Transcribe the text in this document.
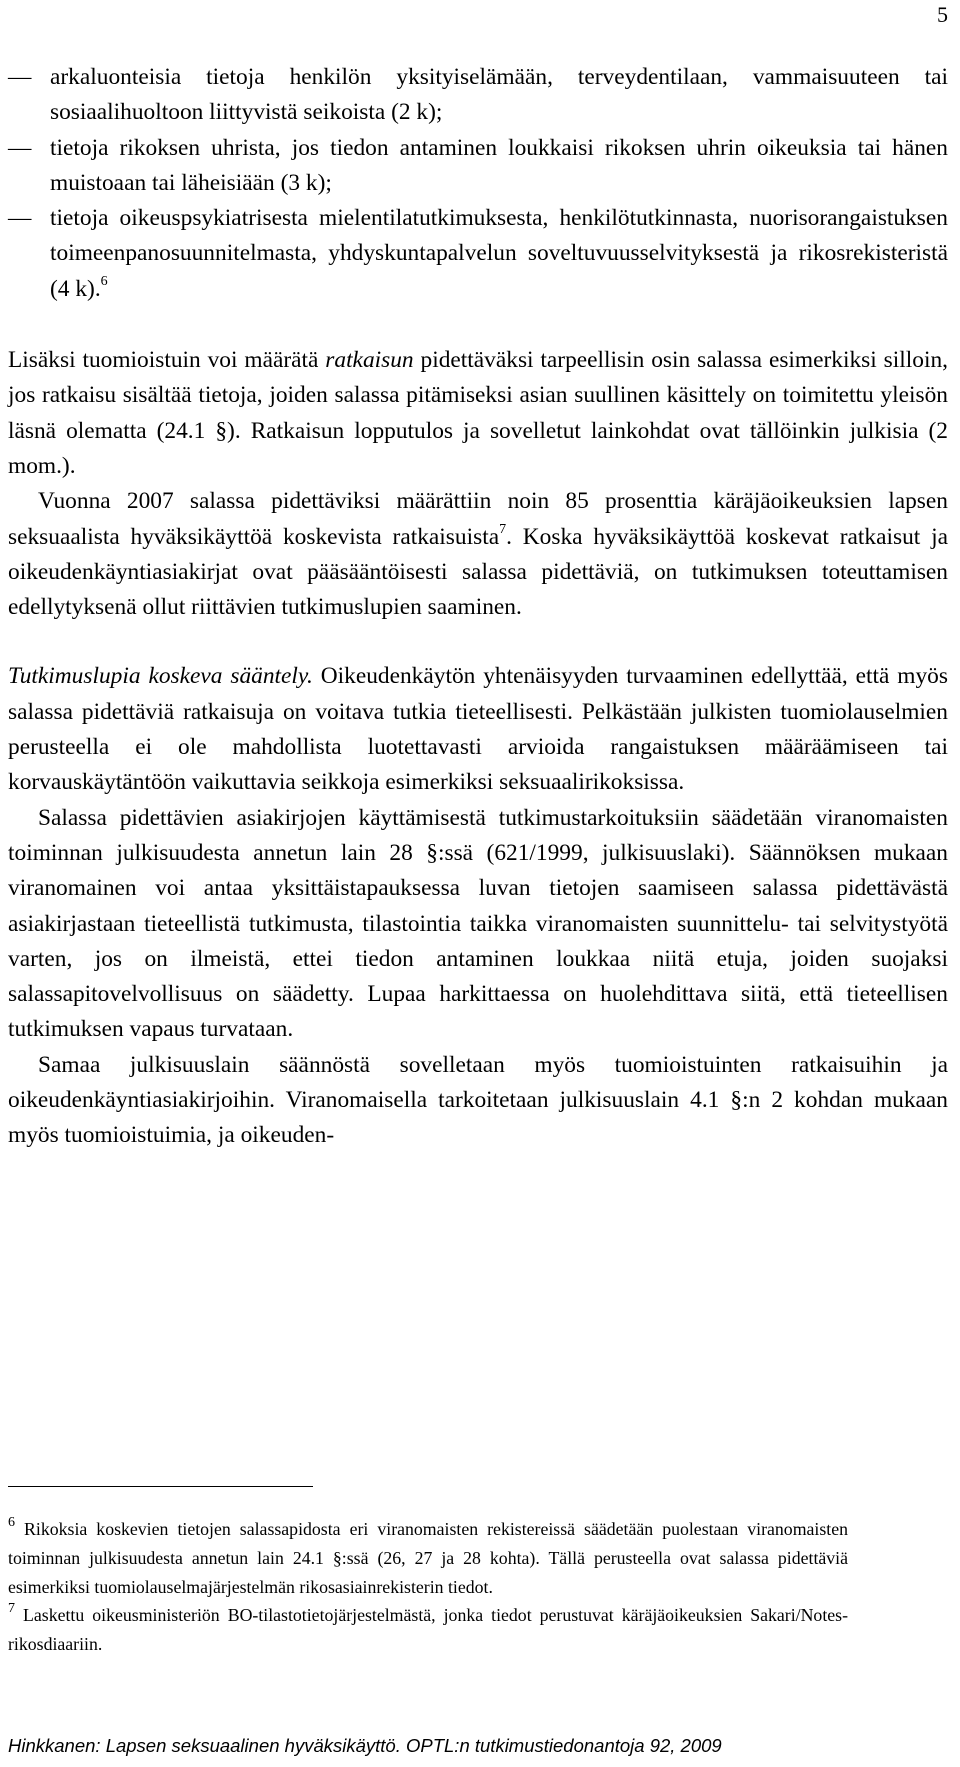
5
— arkaluonteisia tietoja henkilön yksityiselämään, terveydentilaan, vammaisuuteen tai sosiaalihuoltoon liittyvistä seikoista (2 k);
— tietoja rikoksen uhrista, jos tiedon antaminen loukkaisi rikoksen uhrin oikeuksia tai hänen muistoaan tai läheisiään (3 k);
— tietoja oikeuspsykiatrisesta mielentilatutkimuksesta, henkilötutkinnasta, nuorisorangaistuksen toimeenpanosuunnitelmasta, yhdyskuntapalvelun soveltuvuusselvityksestä ja rikosrekisteristä (4 k).$^6$

Lisäksi tuomioistuin voi määrätä ratkaisun pidettäväksi tarpeellisin osin salassa esimerkiksi silloin, jos ratkaisu sisältää tietoja, joiden salassa pitämiseksi asian suullinen käsittely on toimitettu yleisön läsnä olematta (24.1 §). Ratkaisun lopputulos ja sovelletut lainkohdat ovat tällöinkin julkisia (2 mom.).

Vuonna 2007 salassa pidettäviksi määrättiin noin 85 prosenttia käräjäoikeuksien lapsen seksuaalista hyväksikäyttöä koskevista ratkaisuista$^7$. Koska hyväksikäyttöä koskevat ratkaisut ja oikeudenkäyntiasiakirjat ovat pääsääntöisesti salassa pidettäviä, on tutkimuksen toteuttamisen edellytyksenä ollut riittävien tutkimuslupien saaminen.

Tutkimuslupia koskeva sääntely. Oikeudenkäytön yhtenäisyyden turvaaminen edellyttää, että myös salassa pidettäviä ratkaisuja on voitava tutkia tieteellisesti. Pelkästään julkisten tuomiolauselmien perusteella ei ole mahdollista luotettavasti arvioida rangaistuksen määräämiseen tai korvauskäytäntöön vaikuttavia seikkoja esimerkiksi seksuaalirikoksissa.

Salassa pidettävien asiakirjojen käyttämisestä tutkimustarkoituksiin säädetään viranomaisten toiminnan julkisuudesta annetun lain 28 §:ssä (621/1999, julkisuuslaki). Säännöksen mukaan viranomainen voi antaa yksittäistapauksessa luvan tietojen saamiseen salassa pidettävästä asiakirjastaan tieteellistä tutkimusta, tilastointia taikka viranomaisten suunnittelu- tai selvitystyötä varten, jos on ilmeistä, ettei tiedon antaminen loukkaa niitä etuja, joiden suojaksi salassapitovelvollisuus on säädetty. Lupaa harkittaessa on huolehdittava siitä, että tieteellisen tutkimuksen vapaus turvataan.

Samaa julkisuuslain säännöstä sovelletaan myös tuomioistuinten ratkaisuihin ja oikeudenkäyntiasiakirjoihin. Viranomaisella tarkoitetaan julkisuuslain 4.1 §:n 2 kohdan mukaan myös tuomioistuimia, ja oikeuden-

$^6$ Rikoksia koskevien tietojen salassapidosta eri viranomaisten rekistereissä säädetään puolestaan viranomaisten toiminnan julkisuudesta annetun lain 24.1 §:ssä (26, 27 ja 28 kohta). Tällä perusteella ovat salassa pidettäviä esimerkiksi tuomiolauselmajärjestelmän rikosasiainrekisterin tiedot.
$^7$ Laskettu oikeusministeriön BO-tilastotietojärjestelmästä, jonka tiedot perustuvat käräjäoikeuksien Sakari/Notes-rikosdiaariin.
Hinkkanen: Lapsen seksuaalinen hyväksikäyttö. OPTL:n tutkimustiedonantoja 92, 2009
